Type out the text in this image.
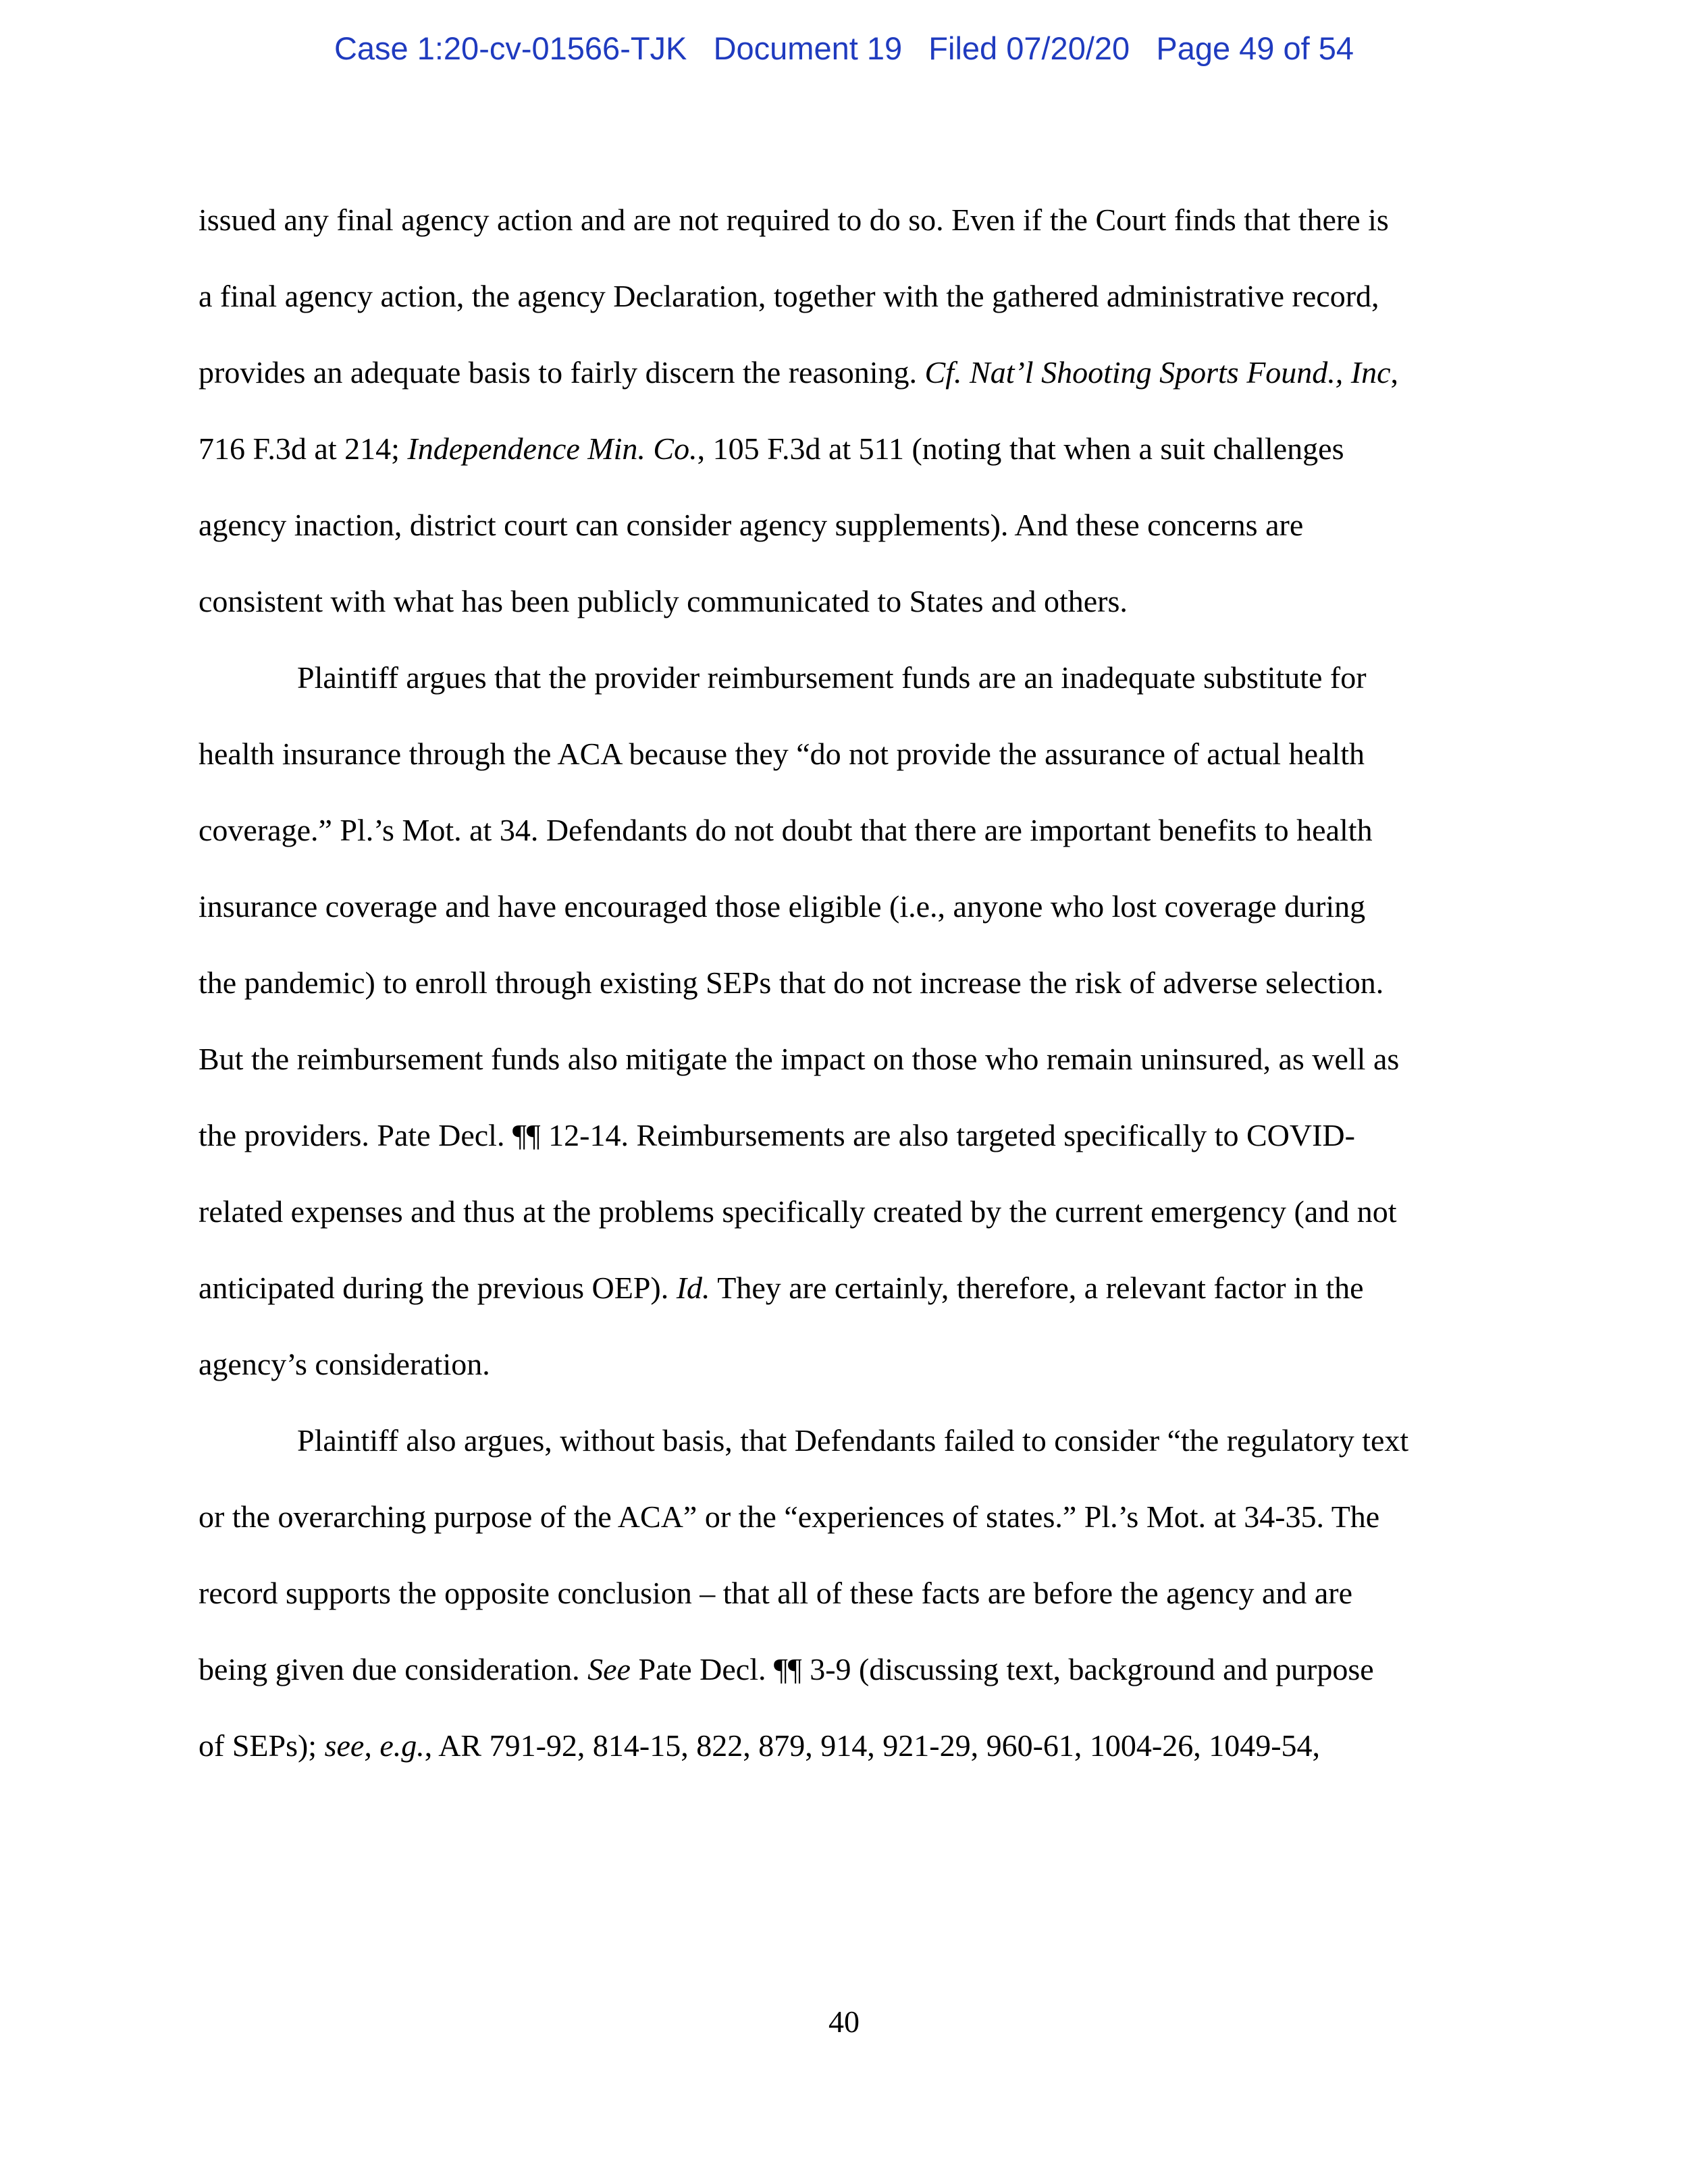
Case 1:20-cv-01566-TJK   Document 19   Filed 07/20/20   Page 49 of 54
issued any final agency action and are not required to do so. Even if the Court finds that there is
a final agency action, the agency Declaration, together with the gathered administrative record,
provides an adequate basis to fairly discern the reasoning. Cf. Nat’l Shooting Sports Found., Inc,
716 F.3d at 214; Independence Min. Co., 105 F.3d at 511 (noting that when a suit challenges
agency inaction, district court can consider agency supplements). And these concerns are
consistent with what has been publicly communicated to States and others.
Plaintiff argues that the provider reimbursement funds are an inadequate substitute for
health insurance through the ACA because they “do not provide the assurance of actual health
coverage.” Pl.’s Mot. at 34. Defendants do not doubt that there are important benefits to health
insurance coverage and have encouraged those eligible (i.e., anyone who lost coverage during
the pandemic) to enroll through existing SEPs that do not increase the risk of adverse selection.
But the reimbursement funds also mitigate the impact on those who remain uninsured, as well as
the providers. Pate Decl. ¶¶ 12-14. Reimbursements are also targeted specifically to COVID-
related expenses and thus at the problems specifically created by the current emergency (and not
anticipated during the previous OEP). Id. They are certainly, therefore, a relevant factor in the
agency’s consideration.
Plaintiff also argues, without basis, that Defendants failed to consider “the regulatory text
or the overarching purpose of the ACA” or the “experiences of states.” Pl.’s Mot. at 34-35. The
record supports the opposite conclusion – that all of these facts are before the agency and are
being given due consideration. See Pate Decl. ¶¶ 3-9 (discussing text, background and purpose
of SEPs); see, e.g., AR 791-92, 814-15, 822, 879, 914, 921-29, 960-61, 1004-26, 1049-54,
40
